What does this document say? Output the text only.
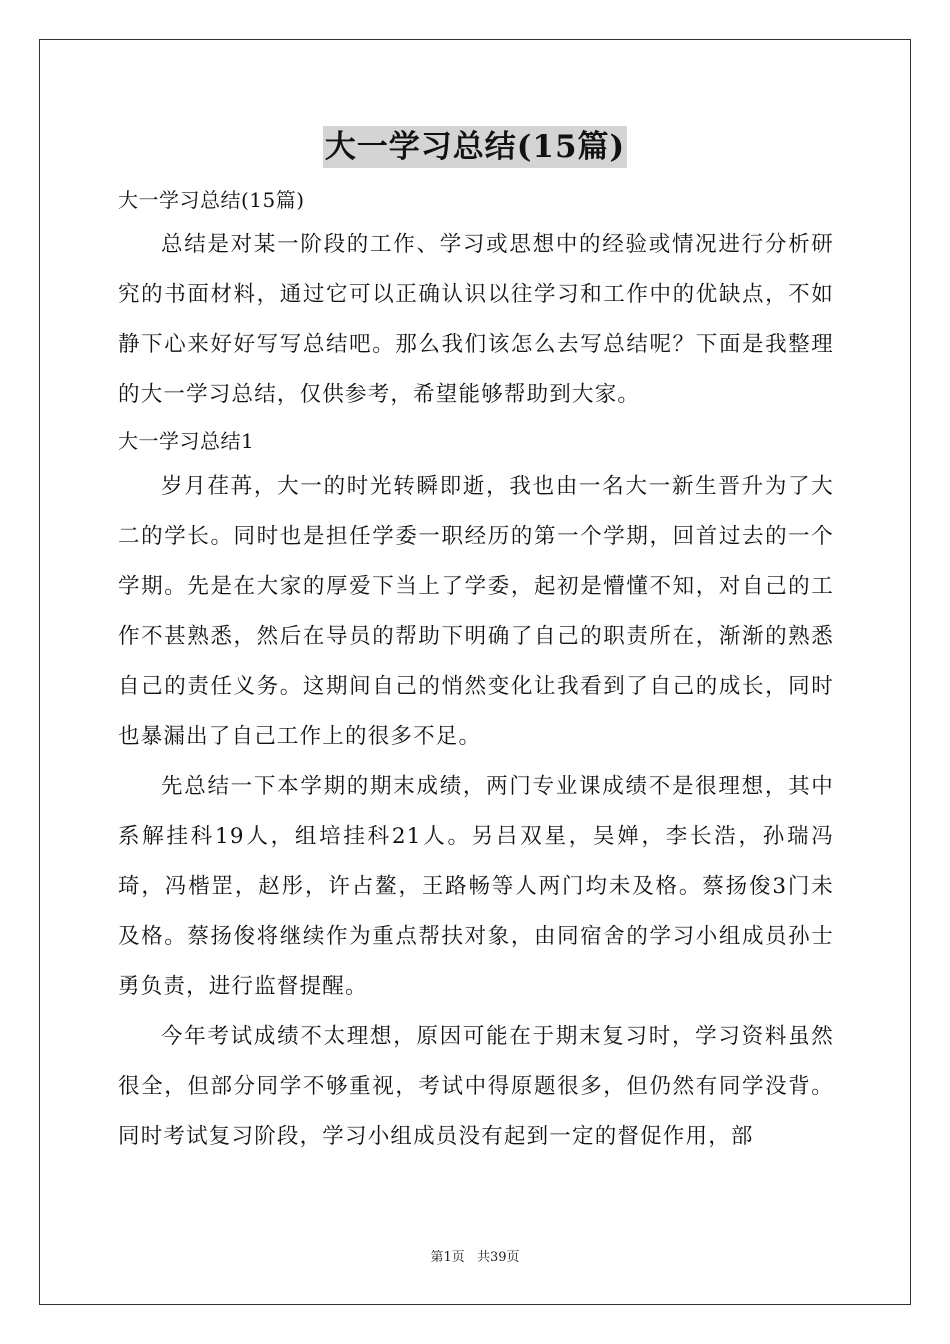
大一学习总结(15篇)

大一学习总结(15篇)

总结是对某一阶段的工作、学习或思想中的经验或情况进行分析研究的书面材料，通过它可以正确认识以往学习和工作中的优缺点，不如静下心来好好写写总结吧。那么我们该怎么去写总结呢？下面是我整理的大一学习总结，仅供参考，希望能够帮助到大家。

大一学习总结1

岁月荏苒，大一的时光转瞬即逝，我也由一名大一新生晋升为了大二的学长。同时也是担任学委一职经历的第一个学期，回首过去的一个学期。先是在大家的厚爱下当上了学委，起初是懵懂不知，对自己的工作不甚熟悉，然后在导员的帮助下明确了自己的职责所在，渐渐的熟悉自己的责任义务。这期间自己的悄然变化让我看到了自己的成长，同时也暴漏出了自己工作上的很多不足。

先总结一下本学期的期末成绩，两门专业课成绩不是很理想，其中系解挂科19人，组培挂科21人。另吕双星，吴婵，李长浩，孙瑞冯琦，冯楷罡，赵彤，许占鳌，王路畅等人两门均未及格。蔡扬俊3门未及格。蔡扬俊将继续作为重点帮扶对象，由同宿舍的学习小组成员孙士勇负责，进行监督提醒。

今年考试成绩不太理想，原因可能在于期末复习时，学习资料虽然很全，但部分同学不够重视，考试中得原题很多，但仍然有同学没背。同时考试复习阶段，学习小组成员没有起到一定的督促作用，部

第1页 共39页
